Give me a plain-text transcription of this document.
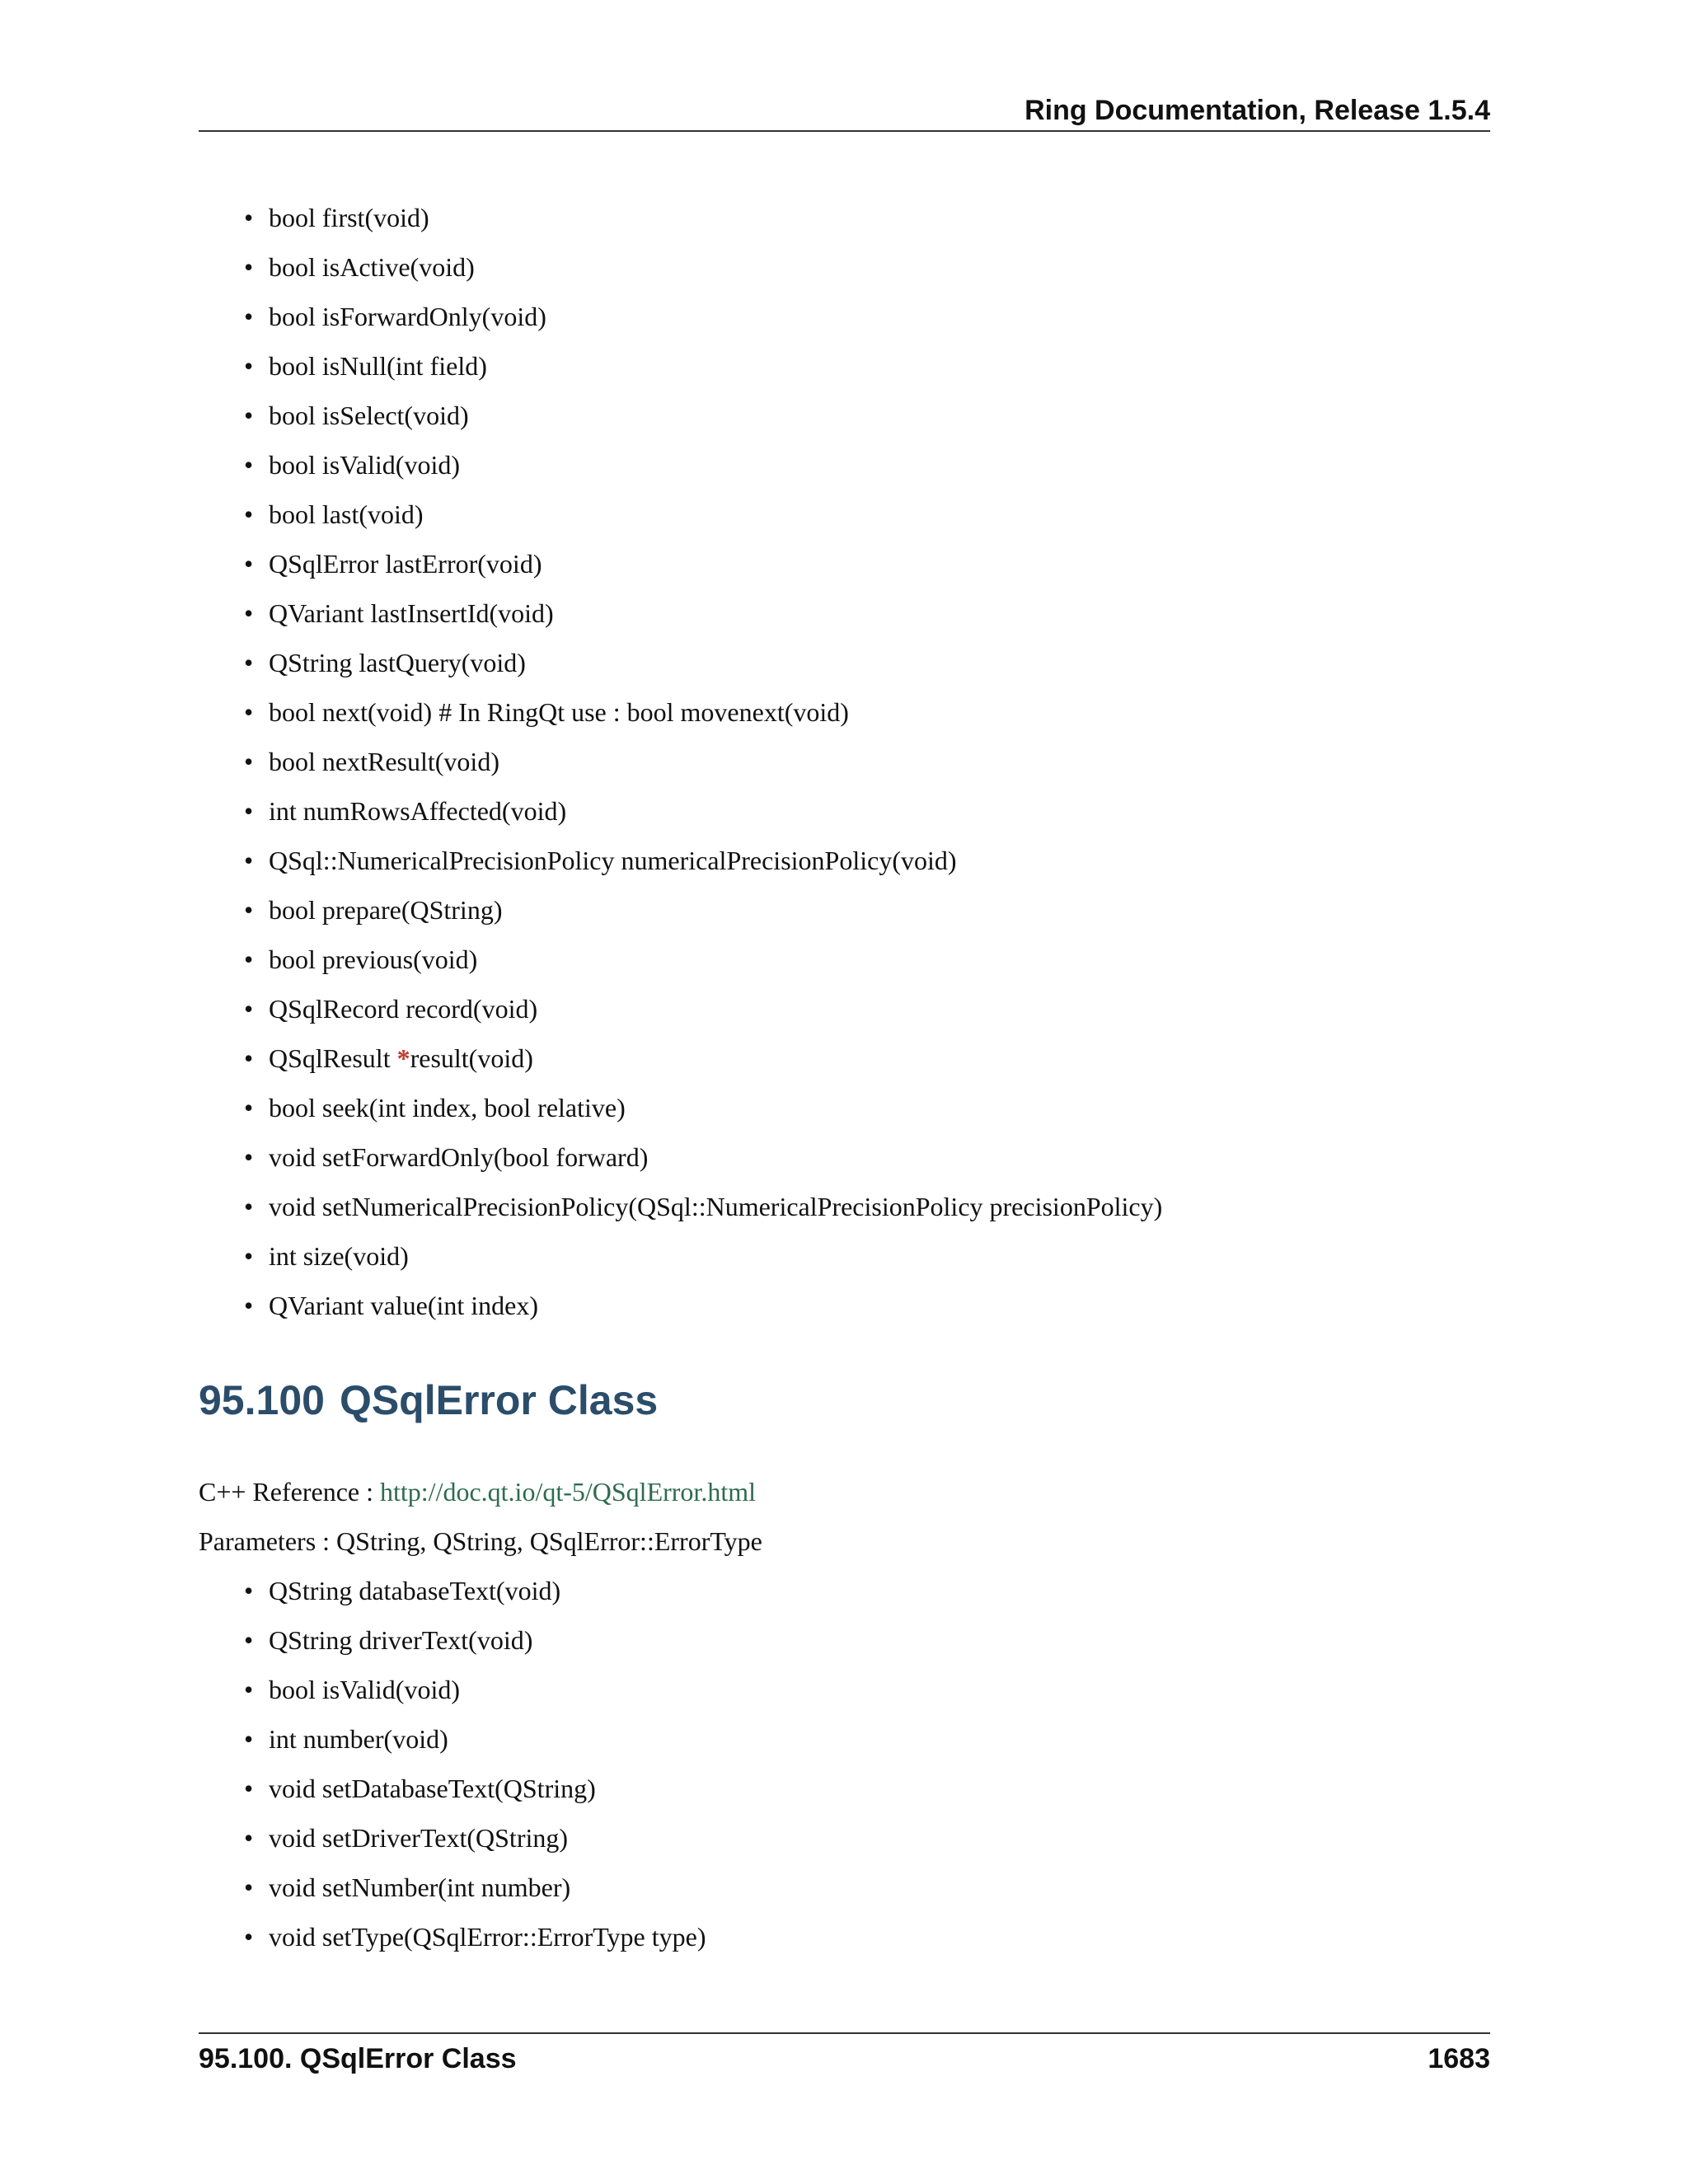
Ring Documentation, Release 1.5.4
• bool first(void)
• bool isActive(void)
• bool isForwardOnly(void)
• bool isNull(int field)
• bool isSelect(void)
• bool isValid(void)
• bool last(void)
• QSqlError lastError(void)
• QVariant lastInsertId(void)
• QString lastQuery(void)
• bool next(void) # In RingQt use : bool movenext(void)
• bool nextResult(void)
• int numRowsAffected(void)
• QSql::NumericalPrecisionPolicy numericalPrecisionPolicy(void)
• bool prepare(QString)
• bool previous(void)
• QSqlRecord record(void)
• QSqlResult *result(void)
• bool seek(int index, bool relative)
• void setForwardOnly(bool forward)
• void setNumericalPrecisionPolicy(QSql::NumericalPrecisionPolicy precisionPolicy)
• int size(void)
• QVariant value(int index)
95.100 QSqlError Class

C++ Reference : http://doc.qt.io/qt-5/QSqlError.html

Parameters : QString, QString, QSqlError::ErrorType

• QString databaseText(void)
• QString driverText(void)
• bool isValid(void)
• int number(void)
• void setDatabaseText(QString)
• void setDriverText(QString)
• void setNumber(int number)
• void setType(QSqlError::ErrorType type)
95.100. QSqlError Class	1683
